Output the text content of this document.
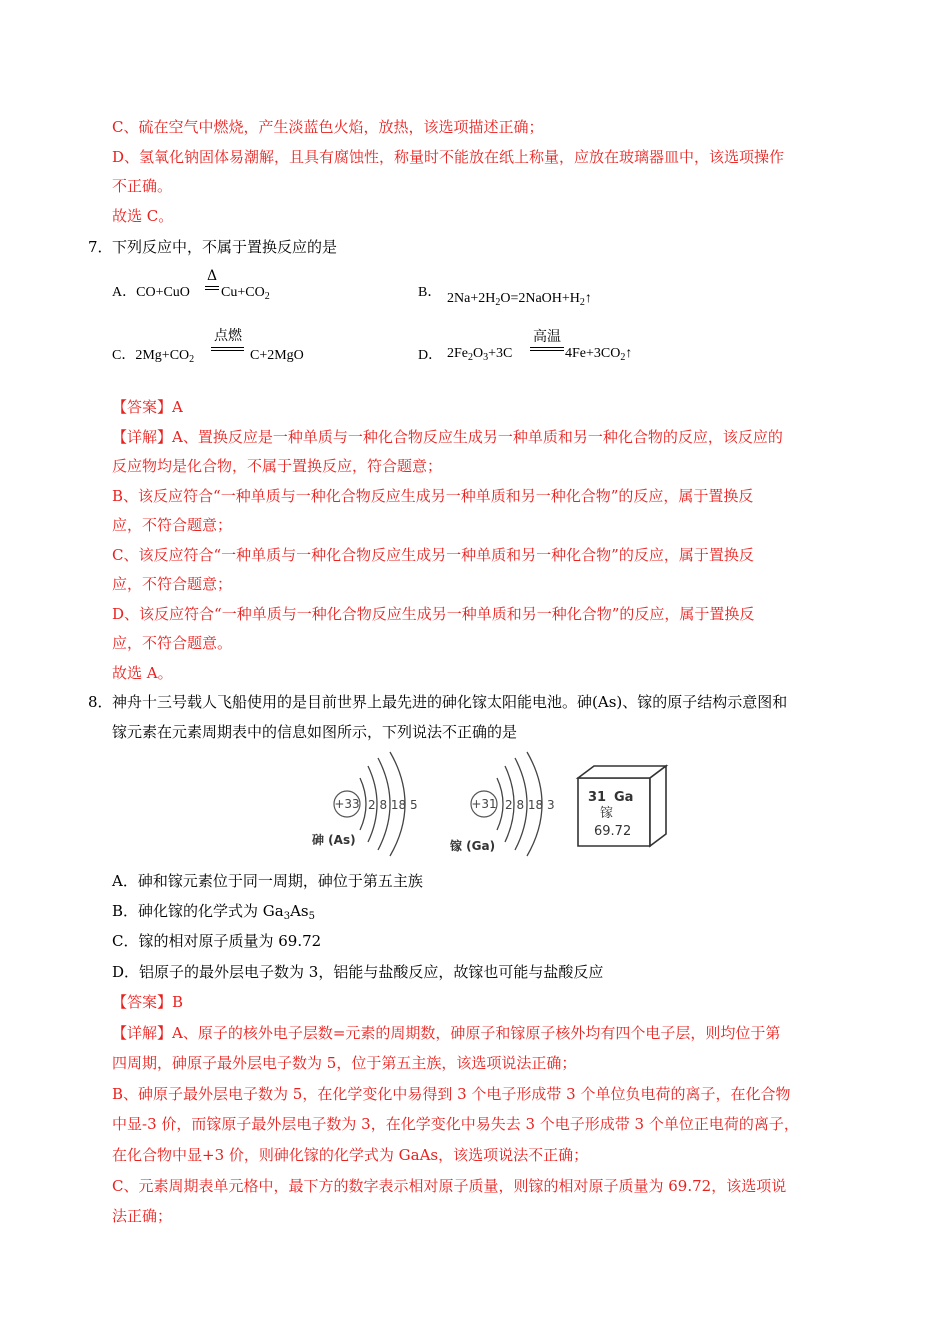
C、硫在空气中燃烧，产生淡蓝色火焰，放热，该选项描述正确；
D、氢氧化钠固体易潮解，且具有腐蚀性，称量时不能放在纸上称量，应放在玻璃器皿中，该选项操作
不正确。
故选 C。
7． 下列反应中，不属于置换反应的是
A．CO+CuO
Δ
$Cu+CO_2$	B． $2Na+2H_2O=2NaOH+H_2↑$
C．$2Mg+CO_2$
点燃
C+2MgO	D． $2Fe_2O_3+3C$
高温
$4Fe+3CO_2↑$
【答案】A
【详解】A、置换反应是一种单质与一种化合物反应生成另一种单质和另一种化合物的反应，该反应的
反应物均是化合物，不属于置换反应，符合题意；
B、该反应符合“一种单质与一种化合物反应生成另一种单质和另一种化合物”的反应，属于置换反
应，不符合题意；
C、该反应符合“一种单质与一种化合物反应生成另一种单质和另一种化合物”的反应，属于置换反
应，不符合题意；
D、该反应符合“一种单质与一种化合物反应生成另一种单质和另一种化合物”的反应，属于置换反
应，不符合题意。
故选 A。
8． 神舟十三号载人飞船使用的是目前世界上最先进的砷化镓太阳能电池。砷(As)、镓的原子结构示意图和
镓元素在元素周期表中的信息如图所示，下列说法不正确的是
+33 2 8 18 5
砷 (As)
+31 2 8 18 3
镓 (Ga)
31 Ga
镓
69.72
A．砷和镓元素位于同一周期，砷位于第五主族
B．砷化镓的化学式为 $Ga_3As_5$
C．镓的相对原子质量为 69.72
D．铝原子的最外层电子数为 3，铝能与盐酸反应，故镓也可能与盐酸反应
【答案】B
【详解】A、原子的核外电子层数=元素的周期数，砷原子和镓原子核外均有四个电子层，则均位于第
四周期，砷原子最外层电子数为 5，位于第五主族，该选项说法正确；
B、砷原子最外层电子数为 5，在化学变化中易得到 3 个电子形成带 3 个单位负电荷的离子，在化合物
中显-3 价，而镓原子最外层电子数为 3，在化学变化中易失去 3 个电子形成带 3 个单位正电荷的离子，
在化合物中显+3 价，则砷化镓的化学式为 GaAs，该选项说法不正确；
C、元素周期表单元格中，最下方的数字表示相对原子质量，则镓的相对原子质量为 69.72，该选项说
法正确；
